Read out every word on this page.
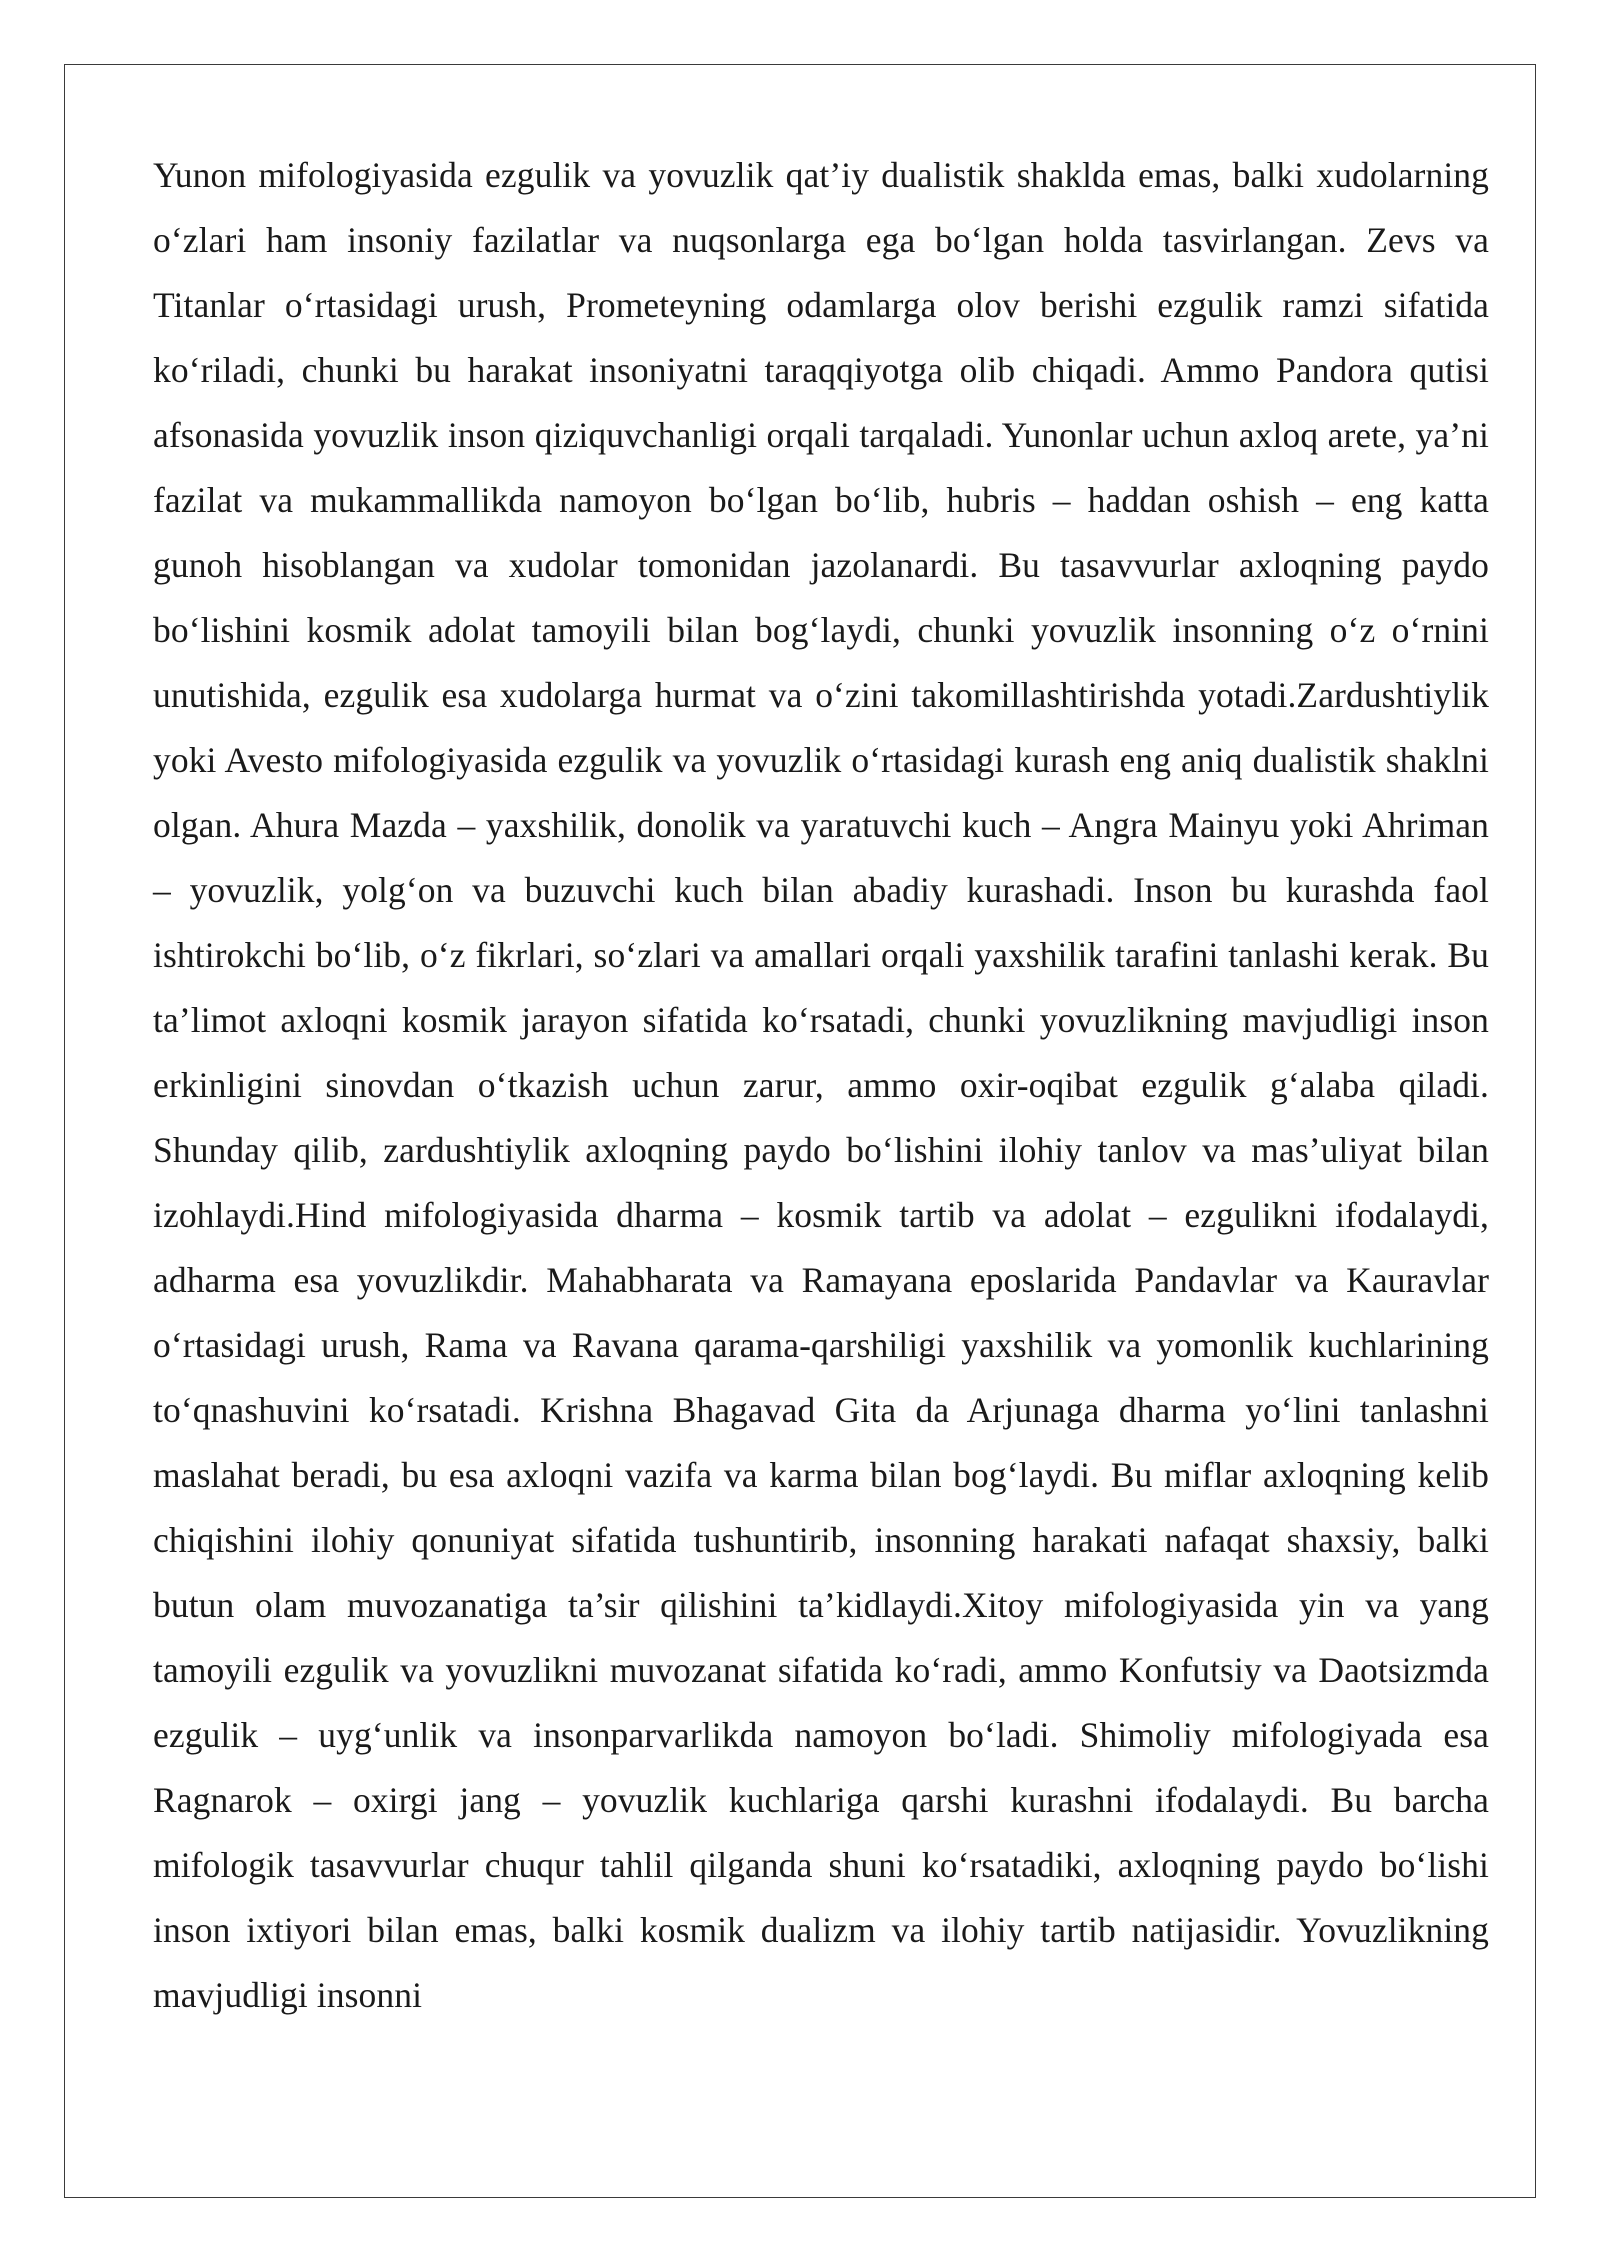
Yunon mifologiyasida ezgulik va yovuzlik qat’iy dualistik shaklda emas, balki xudolarning o‘zlari ham insoniy fazilatlar va nuqsonlarga ega bo‘lgan holda tasvirlangan. Zevs va Titanlar o‘rtasidagi urush, Prometeyning odamlarga olov berishi ezgulik ramzi sifatida ko‘riladi, chunki bu harakat insoniyatni taraqqiyotga olib chiqadi. Ammo Pandora qutisi afsonasida yovuzlik inson qiziquvchanligi orqali tarqaladi. Yunonlar uchun axloq arete, ya’ni fazilat va mukammallikda namoyon bo‘lgan bo‘lib, hubris – haddan oshish – eng katta gunoh hisoblangan va xudolar tomonidan jazolanardi. Bu tasavvurlar axloqning paydo bo‘lishini kosmik adolat tamoyili bilan bog‘laydi, chunki yovuzlik insonning o‘z o‘rnini unutishida, ezgulik esa xudolarga hurmat va o‘zini takomillashtirishda yotadi.Zardushtiylik yoki Avesto mifologiyasida ezgulik va yovuzlik o‘rtasidagi kurash eng aniq dualistik shaklni olgan. Ahura Mazda – yaxshilik, donolik va yaratuvchi kuch – Angra Mainyu yoki Ahriman – yovuzlik, yolg‘on va buzuvchi kuch bilan abadiy kurashadi. Inson bu kurashda faol ishtirokchi bo‘lib, o‘z fikrlari, so‘zlari va amallari orqali yaxshilik tarafini tanlashi kerak. Bu ta’limot axloqni kosmik jarayon sifatida ko‘rsatadi, chunki yovuzlikning mavjudligi inson erkinligini sinovdan o‘tkazish uchun zarur, ammo oxir-oqibat ezgulik g‘alaba qiladi. Shunday qilib, zardushtiylik axloqning paydo bo‘lishini ilohiy tanlov va mas’uliyat bilan izohlaydi.Hind mifologiyasida dharma – kosmik tartib va adolat – ezgulikni ifodalaydi, adharma esa yovuzlikdir. Mahabharata va Ramayana eposlarida Pandavlar va Kauravlar o‘rtasidagi urush, Rama va Ravana qarama-qarshiligi yaxshilik va yomonlik kuchlarining to‘qnashuvini ko‘rsatadi. Krishna Bhagavad Gita da Arjunaga dharma yo‘lini tanlashni maslahat beradi, bu esa axloqni vazifa va karma bilan bog‘laydi. Bu miflar axloqning kelib chiqishini ilohiy qonuniyat sifatida tushuntirib, insonning harakati nafaqat shaxsiy, balki butun olam muvozanatiga ta’sir qilishini ta’kidlaydi.Xitoy mifologiyasida yin va yang tamoyili ezgulik va yovuzlikni muvozanat sifatida ko‘radi, ammo Konfutsiy va Daotsizmda ezgulik – uyg‘unlik va insonparvarlikda namoyon bo‘ladi. Shimoliy mifologiyada esa Ragnarok – oxirgi jang – yovuzlik kuchlariga qarshi kurashni ifodalaydi. Bu barcha mifologik tasavvurlar chuqur tahlil qilganda shuni ko‘rsatadiki, axloqning paydo bo‘lishi inson ixtiyori bilan emas, balki kosmik dualizm va ilohiy tartib natijasidir. Yovuzlikning mavjudligi insonni
